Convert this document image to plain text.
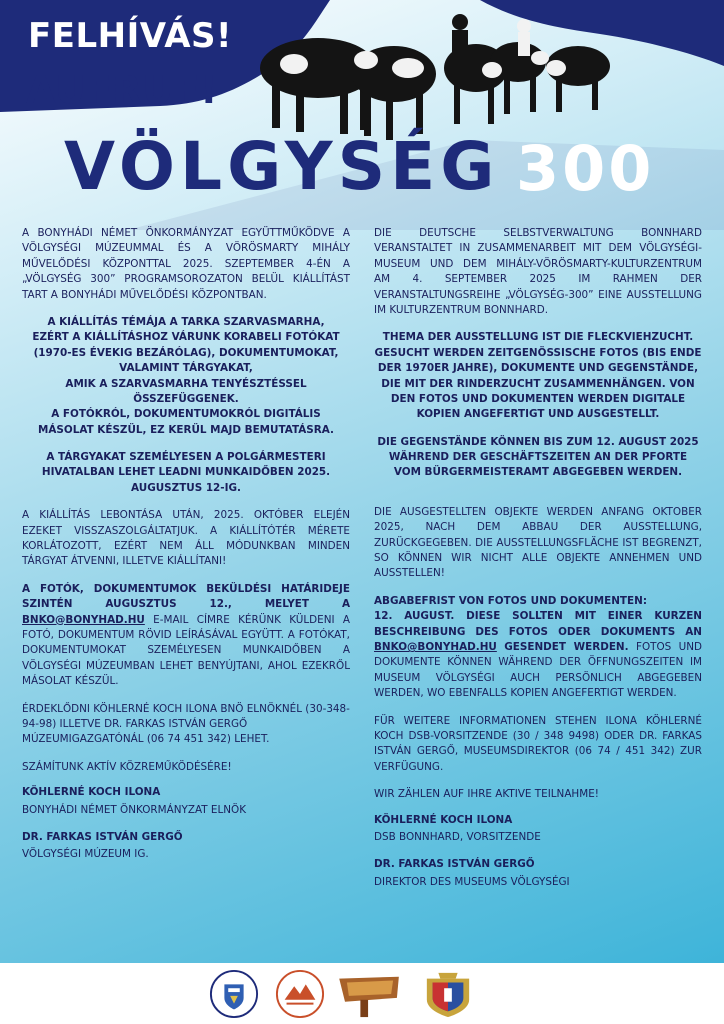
FELHÍVÁS!
AUFRUF!
VÖLGYSÉG 300

A BONYHÁDI NÉMET ÖNKORMÁNYZAT EGYÜTTMŰKÖDVE A VÖLGYSÉGI MÚZEUMMAL ÉS A VÖRÖSMARTY MIHÁLY MŰVELŐDÉSI KÖZPONTTAL 2025. SZEPTEMBER 4-ÉN A „VÖLGYSÉG 300” PROGRAMSOROZATON BELÜL KIÁLLÍTÁST TART A BONYHÁDI MŰVELŐDÉSI KÖZPONTBAN.

A KIÁLLÍTÁS TÉMÁJA A TARKA SZARVASMARHA,
EZÉRT A KIÁLLÍTÁSHOZ VÁRUNK KORABELI FOTÓKAT (1970-ES ÉVEKIG BEZÁRÓLAG), DOKUMENTUMOKAT,
VALAMINT TÁRGYAKAT,
AMIK A SZARVASMARHA TENYÉSZTÉSSEL ÖSSZEFÜGGENEK.
A FOTÓKRÓL, DOKUMENTUMOKRÓL DIGITÁLIS MÁSOLAT KÉSZÜL, EZ KERÜL MAJD BEMUTATÁSRA.

A TÁRGYAKAT SZEMÉLYESEN A POLGÁRMESTERI HIVATALBAN LEHET LEADNI MUNKAIDŐBEN 2025. AUGUSZTUS 12-IG.

A KIÁLLÍTÁS LEBONTÁSA UTÁN, 2025. OKTÓBER ELEJÉN EZEKET VISSZASZOLGÁLTATJUK. A KIÁLLÍTÓTÉR MÉRETE KORLÁTOZOTT, EZÉRT NEM ÁLL MÓDUNKBAN MINDEN TÁRGYAT ÁTVENNI, ILLETVE KIÁLLÍTANI!

A FOTÓK, DOKUMENTUMOK BEKÜLDÉSI HATÁRIDEJE SZINTÉN AUGUSZTUS 12., MELYET A BNKO@BONYHAD.HU E-MAIL CÍMRE KÉRÜNK KÜLDENI A FOTÓ, DOKUMENTUM RÖVID LEÍRÁSÁVAL EGYÜTT. A FOTÓKAT, DOKUMENTUMOKAT SZEMÉLYESEN MUNKAIDŐBEN A VÖLGYSÉGI MÚZEUMBAN LEHET BENYÚJTANI, AHOL EZEKRŐL MÁSOLAT KÉSZÜL.

ÉRDEKLŐDNI KÖHLERNÉ KOCH ILONA BNÖ ELNÖKNÉL (30-348-94-98) ILLETVE DR. FARKAS ISTVÁN GERGŐ MÚZEUMIGAZGATÓNÁL (06 74 451 342) LEHET.

SZÁMÍTUNK AKTÍV KÖZREMŰKÖDÉSÉRE!

KÖHLERNÉ KOCH ILONA

BONYHÁDI NÉMET ÖNKORMÁNYZAT ELNÖK

DR. FARKAS ISTVÁN GERGŐ

VÖLGYSÉGI MÚZEUM IG.

DIE DEUTSCHE SELBSTVERWALTUNG BONNHARD VERANSTALTET IN ZUSAMMENARBEIT MIT DEM VÖLGYSÉGI-MUSEUM UND DEM MIHÁLY-VÖRÖSMARTY-KULTURZENTRUM AM 4. SEPTEMBER 2025 IM RAHMEN DER VERANSTALTUNGSREIHE „VÖLGYSÉG-300” EINE AUSSTELLUNG IM KULTURZENTRUM BONNHARD.

THEMA DER AUSSTELLUNG IST DIE FLECKVIEHZUCHT. GESUCHT WERDEN ZEITGENÖSSISCHE FOTOS (BIS ENDE DER 1970ER JAHRE), DOKUMENTE UND GEGENSTÄNDE, DIE MIT DER RINDERZUCHT ZUSAMMENHÄNGEN. VON DEN FOTOS UND DOKUMENTEN WERDEN DIGITALE KOPIEN ANGEFERTIGT UND AUSGESTELLT.

DIE GEGENSTÄNDE KÖNNEN BIS ZUM 12. AUGUST 2025 WÄHREND DER GESCHÄFTSZEITEN AN DER PFORTE VOM BÜRGERMEISTERAMT ABGEGEBEN WERDEN.

DIE AUSGESTELLTEN OBJEKTE WERDEN ANFANG OKTOBER 2025, NACH DEM ABBAU DER AUSSTELLUNG, ZURÜCKGEGEBEN. DIE AUSSTELLUNGSFLÄCHE IST BEGRENZT, SO KÖNNEN WIR NICHT ALLE OBJEKTE ANNEHMEN UND AUSSTELLEN!

ABGABEFRIST VON FOTOS UND DOKUMENTEN:
12. AUGUST. DIESE SOLLTEN MIT EINER KURZEN BESCHREIBUNG DES FOTOS ODER DOKUMENTS AN BNKO@BONYHAD.HU GESENDET WERDEN. FOTOS UND DOKUMENTE KÖNNEN WÄHREND DER ÖFFNUNGSZEITEN IM MUSEUM VÖLGYSÉGI AUCH PERSÖNLICH ABGEGEBEN WERDEN, WO EBENFALLS KOPIEN ANGEFERTIGT WERDEN.

FÜR WEITERE INFORMATIONEN STEHEN ILONA KÖHLERNÉ KOCH DSB-VORSITZENDE (30 / 348 9498) ODER DR. FARKAS ISTVÁN GERGŐ, MUSEUMSDIREKTOR (06 74 / 451 342) ZUR VERFÜGUNG.

WIR ZÄHLEN AUF IHRE AKTIVE TEILNAHME!

KÖHLERNÉ KOCH ILONA

DSB BONNHARD, VORSITZENDE

DR. FARKAS ISTVÁN GERGŐ

DIREKTOR DES MUSEUMS VÖLGYSÉGI
